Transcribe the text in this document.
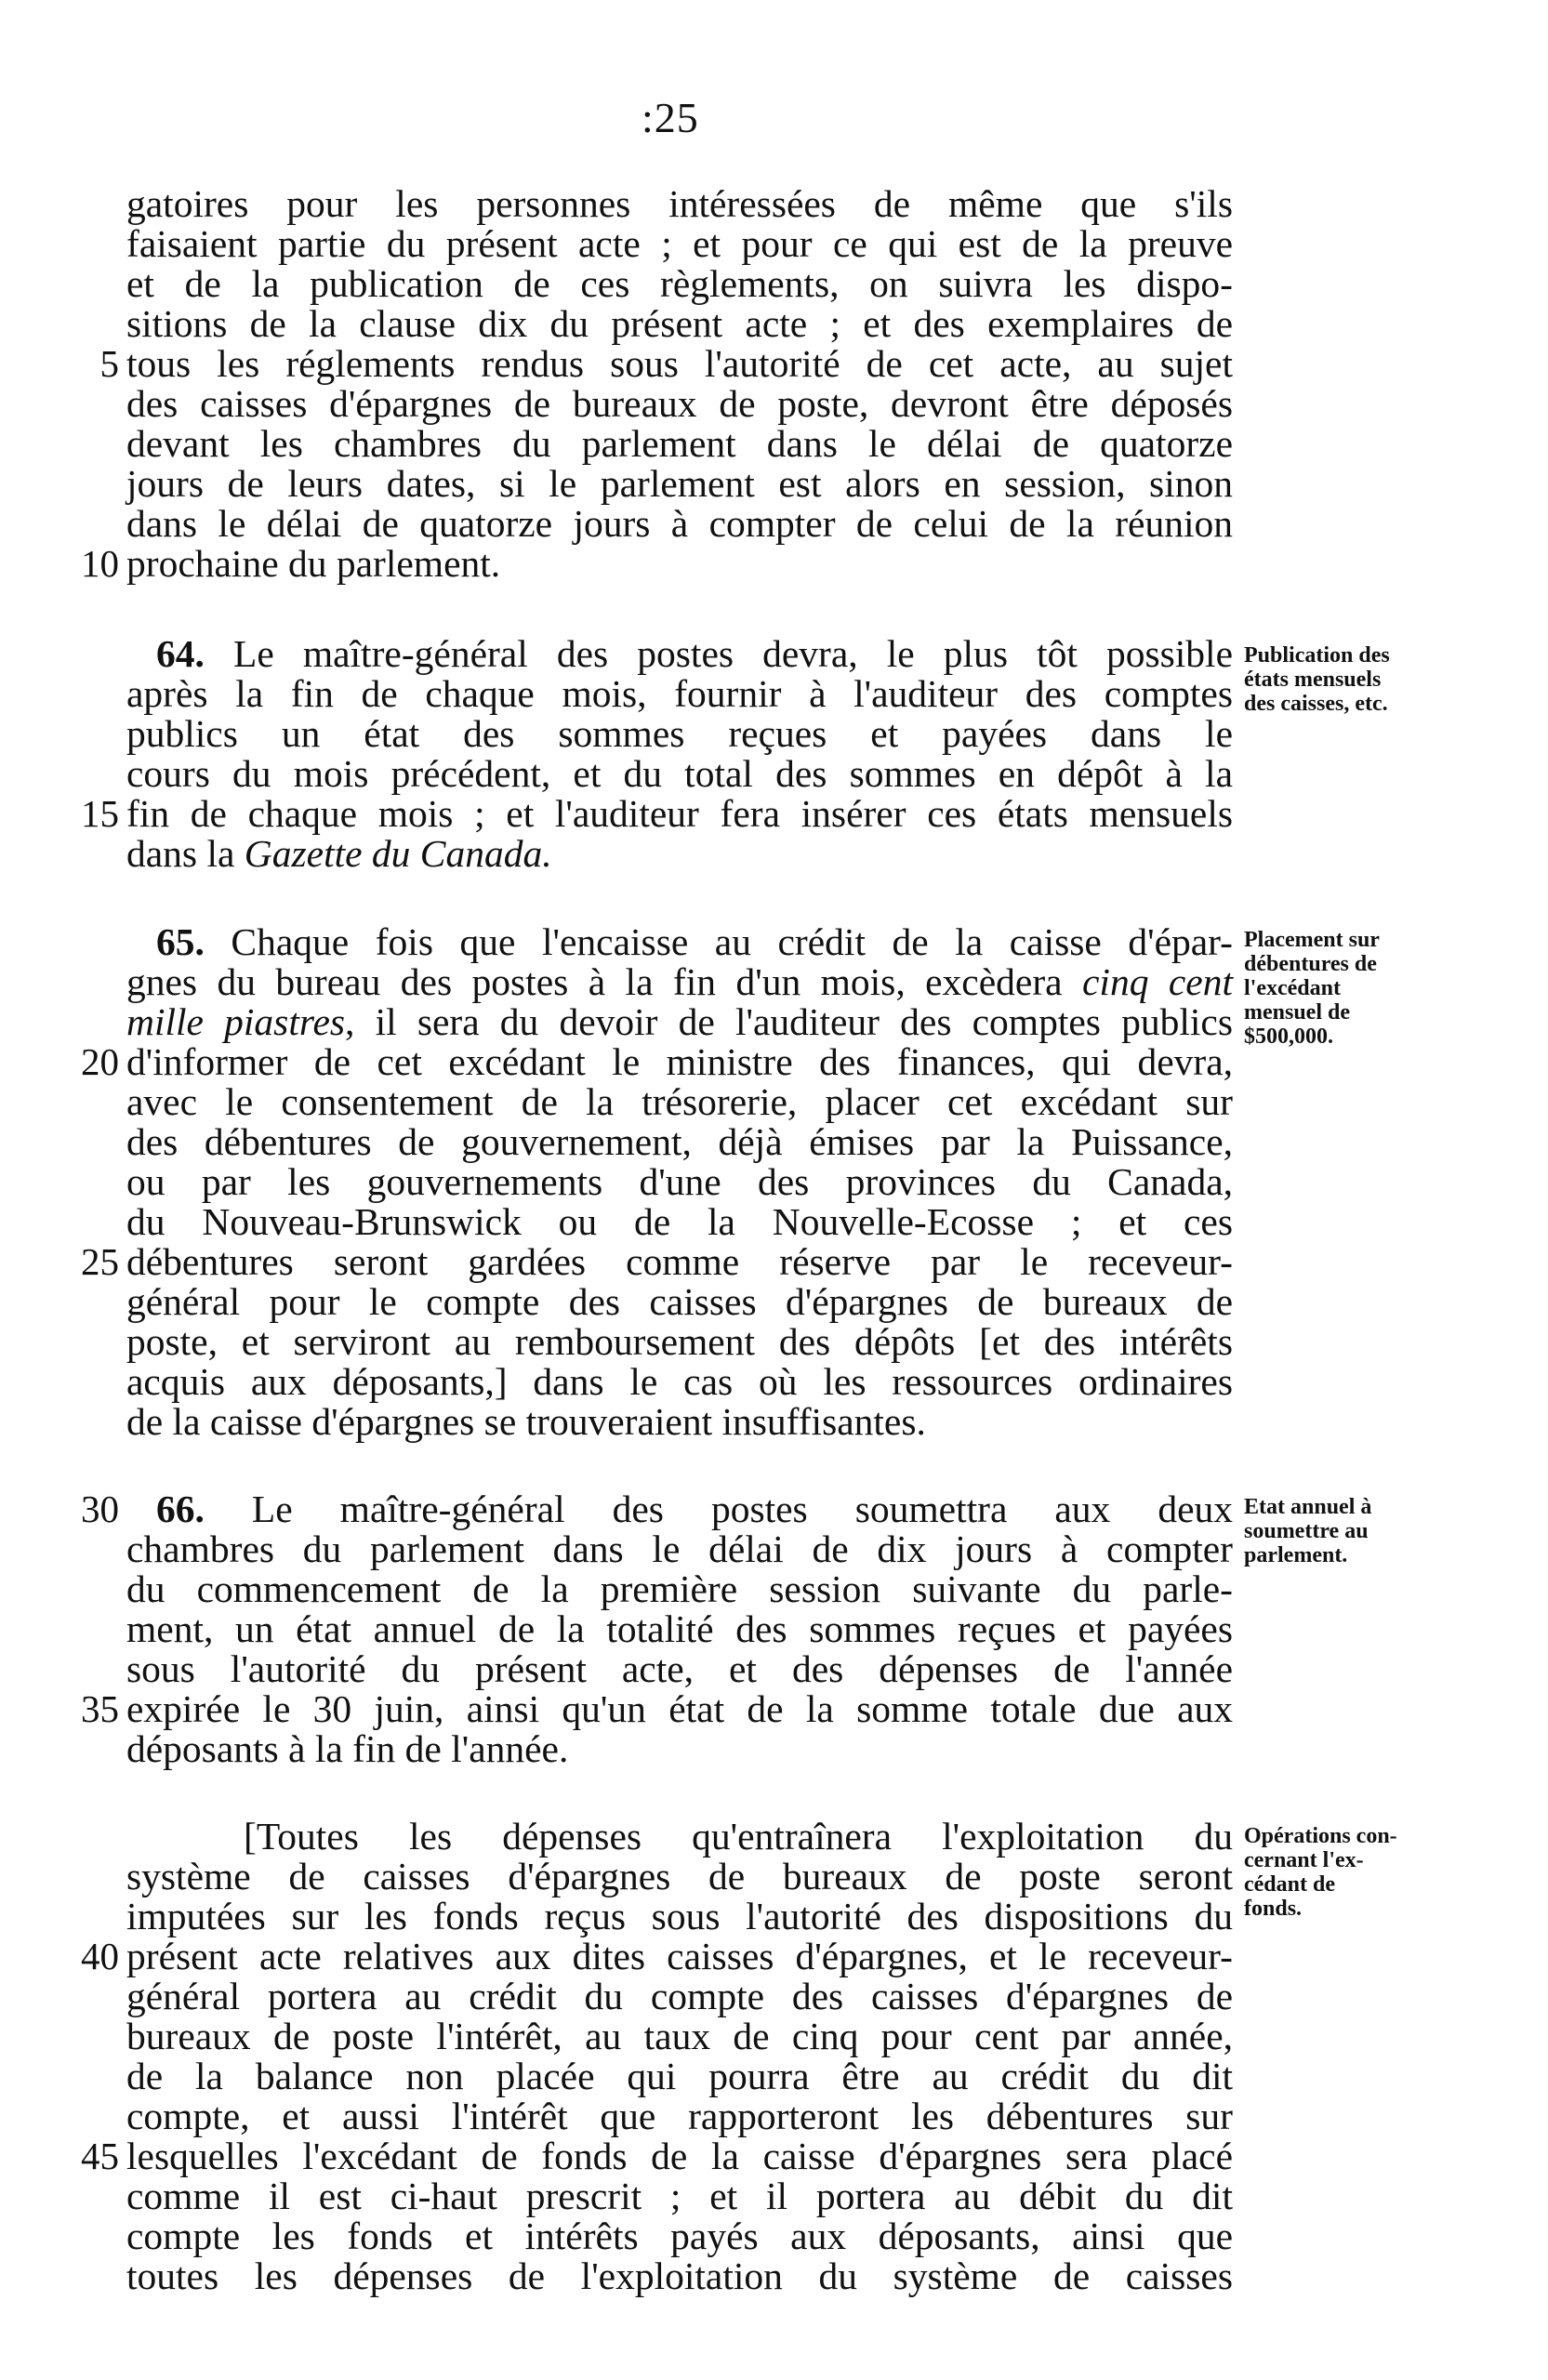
:25
gatoires pour les personnes intéressées de même que s'ils
faisaient partie du présent acte ; et pour ce qui est de la preuve
et de la publication de ces règlements, on suivra les dispo-
sitions de la clause dix du présent acte ; et des exemplaires de
tous les réglements rendus sous l'autorité de cet acte, au sujet
des caisses d'épargnes de bureaux de poste, devront être déposés
devant les chambres du parlement dans le délai de quatorze
jours de leurs dates, si le parlement est alors en session, sinon
dans le délai de quatorze jours à compter de celui de la réunion
prochaine du parlement.
64. Le maître-général des postes devra, le plus tôt possible
après la fin de chaque mois, fournir à l'auditeur des comptes
publics un état des sommes reçues et payées dans le
cours du mois précédent, et du total des sommes en dépôt à la
fin de chaque mois ; et l'auditeur fera insérer ces états mensuels
dans la Gazette du Canada.
65. Chaque fois que l'encaisse au crédit de la caisse d'épar-
gnes du bureau des postes à la fin d'un mois, excèdera cinq cent
mille piastres, il sera du devoir de l'auditeur des comptes publics
d'informer de cet excédant le ministre des finances, qui devra,
avec le consentement de la trésorerie, placer cet excédant sur
des débentures de gouvernement, déjà émises par la Puissance,
ou par les gouvernements d'une des provinces du Canada,
du Nouveau-Brunswick ou de la Nouvelle-Ecosse ; et ces
débentures seront gardées comme réserve par le receveur-
général pour le compte des caisses d'épargnes de bureaux de
poste, et serviront au remboursement des dépôts [et des intérêts
acquis aux déposants,] dans le cas où les ressources ordinaires
de la caisse d'épargnes se trouveraient insuffisantes.
66. Le maître-général des postes soumettra aux deux
chambres du parlement dans le délai de dix jours à compter
du commencement de la première session suivante du parle-
ment, un état annuel de la totalité des sommes reçues et payées
sous l'autorité du présent acte, et des dépenses de l'année
expirée le 30 juin, ainsi qu'un état de la somme totale due aux
déposants à la fin de l'année.
[Toutes les dépenses qu'entraînera l'exploitation du
système de caisses d'épargnes de bureaux de poste seront
imputées sur les fonds reçus sous l'autorité des dispositions du
présent acte relatives aux dites caisses d'épargnes, et le receveur-
général portera au crédit du compte des caisses d'épargnes de
bureaux de poste l'intérêt, au taux de cinq pour cent par année,
de la balance non placée qui pourra être au crédit du dit
compte, et aussi l'intérêt que rapporteront les débentures sur
lesquelles l'excédant de fonds de la caisse d'épargnes sera placé
comme il est ci-haut prescrit ; et il portera au débit du dit
compte les fonds et intérêts payés aux déposants, ainsi que
toutes les dépenses de l'exploitation du système de caisses
5
10
15
20
25
30
35
40
45
Publication des
états mensuels
des caisses, etc.
Placement sur
débentures de
l'excédant
mensuel de
$500,000.
Etat annuel à
soumettre au
parlement.
Opérations con-
cernant l'ex-
cédant de
fonds.
